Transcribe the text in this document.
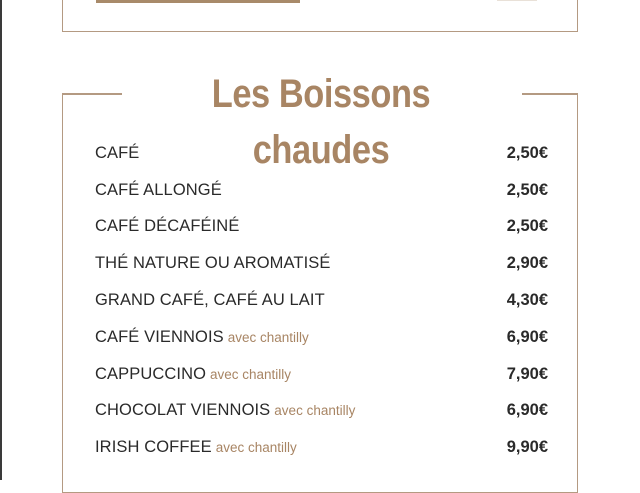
Les Boissons chaudes
CAFÉ	2,50€
CAFÉ ALLONGÉ	2,50€
CAFÉ DÉCAFÉINÉ	2,50€
THÉ NATURE OU AROMATISÉ	2,90€
GRAND CAFÉ, CAFÉ AU LAIT	4,30€
CAFÉ VIENNOIS avec chantilly	6,90€
CAPPUCCINO avec chantilly	7,90€
CHOCOLAT VIENNOIS avec chantilly	6,90€
IRISH COFFEE avec chantilly	9,90€
